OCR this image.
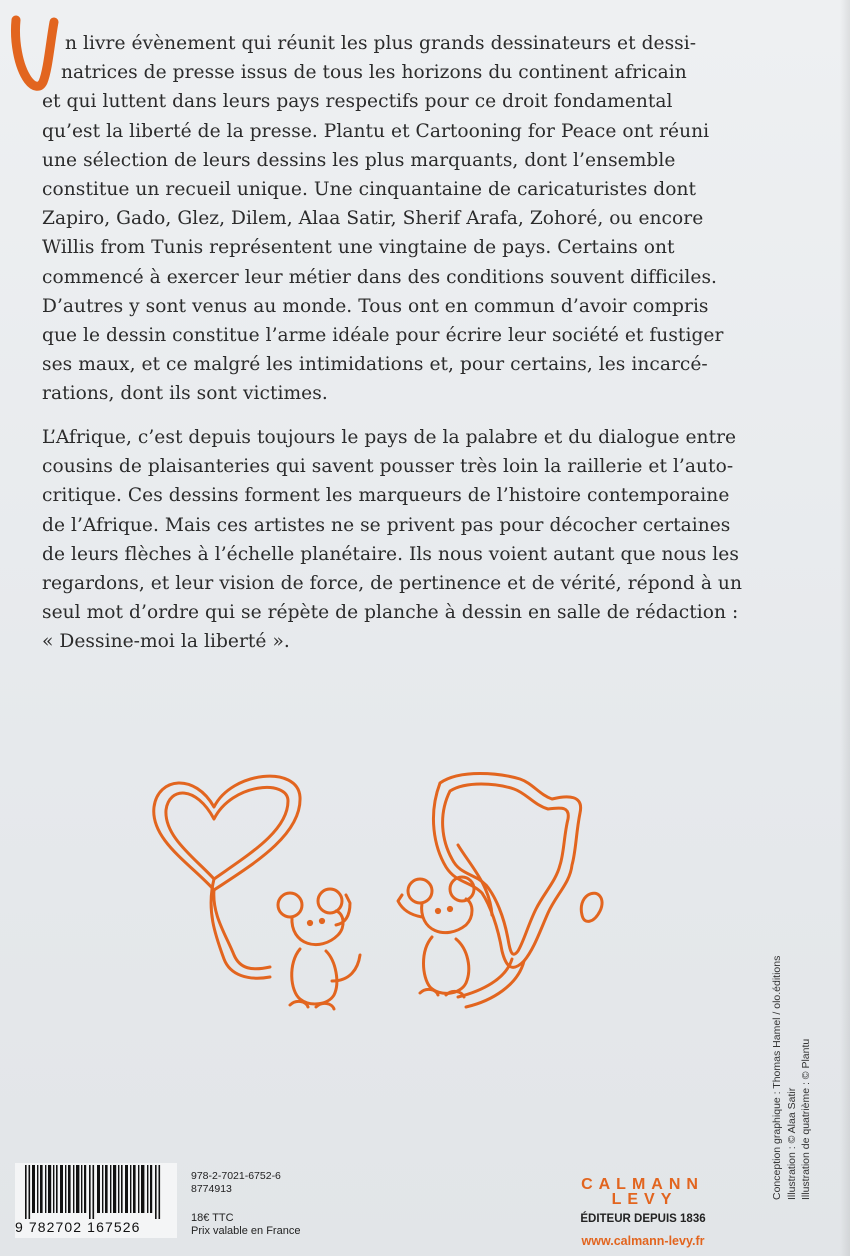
n livre évènement qui réunit les plus grands dessinateurs et dessi-
natrices de presse issus de tous les horizons du continent africain
et qui luttent dans leurs pays respectifs pour ce droit fondamental
qu’est la liberté de la presse. Plantu et Cartooning for Peace ont réuni
une sélection de leurs dessins les plus marquants, dont l’ensemble
constitue un recueil unique. Une cinquantaine de caricaturistes dont
Zapiro, Gado, Glez, Dilem, Alaa Satir, Sherif Arafa, Zohoré, ou encore
Willis from Tunis représentent une vingtaine de pays. Certains ont
commencé à exercer leur métier dans des conditions souvent difficiles.
D’autres y sont venus au monde. Tous ont en commun d’avoir compris
que le dessin constitue l’arme idéale pour écrire leur société et fustiger
ses maux, et ce malgré les intimidations et, pour certains, les incarcé-
rations, dont ils sont victimes.
L’Afrique, c’est depuis toujours le pays de la palabre et du dialogue entre
cousins de plaisanteries qui savent pousser très loin la raillerie et l’auto-
critique. Ces dessins forment les marqueurs de l’histoire contemporaine
de l’Afrique. Mais ces artistes ne se privent pas pour décocher certaines
de leurs flèches à l’échelle planétaire. Ils nous voient autant que nous les
regardons, et leur vision de force, de pertinence et de vérité, répond à un
seul mot d’ordre qui se répète de planche à dessin en salle de rédaction :
« Dessine-moi la liberté ».
Conception graphique : Thomas Hamel / olo.éditions Illustration : © Alaa Satir Illustration de quatrième : © Plantu
9 782702 167526
978-2-7021-6752-6
8774913
18€ TTC
Prix valable en France
CALMANN
LEVY
ÉDITEUR DEPUIS 1836
www.calmann-levy.fr
